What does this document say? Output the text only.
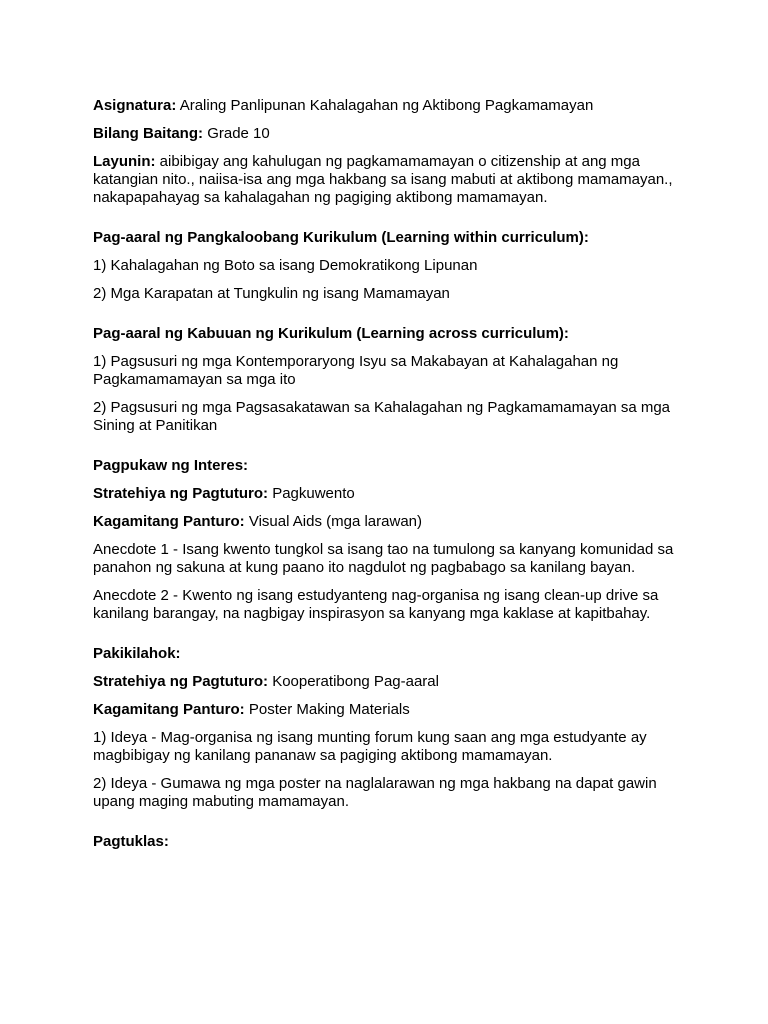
Asignatura: Araling Panlipunan Kahalagahan ng Aktibong Pagkamamayan
Bilang Baitang: Grade 10
Layunin: aibibigay ang kahulugan ng pagkamamamayan o citizenship at ang mga katangian nito., naiisa-isa ang mga hakbang sa isang mabuti at aktibong mamamayan., nakapapahayag sa kahalagahan ng pagiging aktibong mamamayan.
Pag-aaral ng Pangkaloobang Kurikulum (Learning within curriculum):
1) Kahalagahan ng Boto sa isang Demokratikong Lipunan
2) Mga Karapatan at Tungkulin ng isang Mamamayan
Pag-aaral ng Kabuuan ng Kurikulum (Learning across curriculum):
1) Pagsusuri ng mga Kontemporaryong Isyu sa Makabayan at Kahalagahan ng Pagkamamamayan sa mga ito
2) Pagsusuri ng mga Pagsasakatawan sa Kahalagahan ng Pagkamamamayan sa mga Sining at Panitikan
Pagpukaw ng Interes:
Stratehiya ng Pagtuturo: Pagkuwento
Kagamitang Panturo: Visual Aids (mga larawan)
Anecdote 1 - Isang kwento tungkol sa isang tao na tumulong sa kanyang komunidad sa panahon ng sakuna at kung paano ito nagdulot ng pagbabago sa kanilang bayan.
Anecdote 2 - Kwento ng isang estudyanteng nag-organisa ng isang clean-up drive sa kanilang barangay, na nagbigay inspirasyon sa kanyang mga kaklase at kapitbahay.
Pakikilahok:
Stratehiya ng Pagtuturo: Kooperatibong Pag-aaral
Kagamitang Panturo: Poster Making Materials
1) Ideya - Mag-organisa ng isang munting forum kung saan ang mga estudyante ay magbibigay ng kanilang pananaw sa pagiging aktibong mamamayan.
2) Ideya - Gumawa ng mga poster na naglalarawan ng mga hakbang na dapat gawin upang maging mabuting mamamayan.
Pagtuklas:
